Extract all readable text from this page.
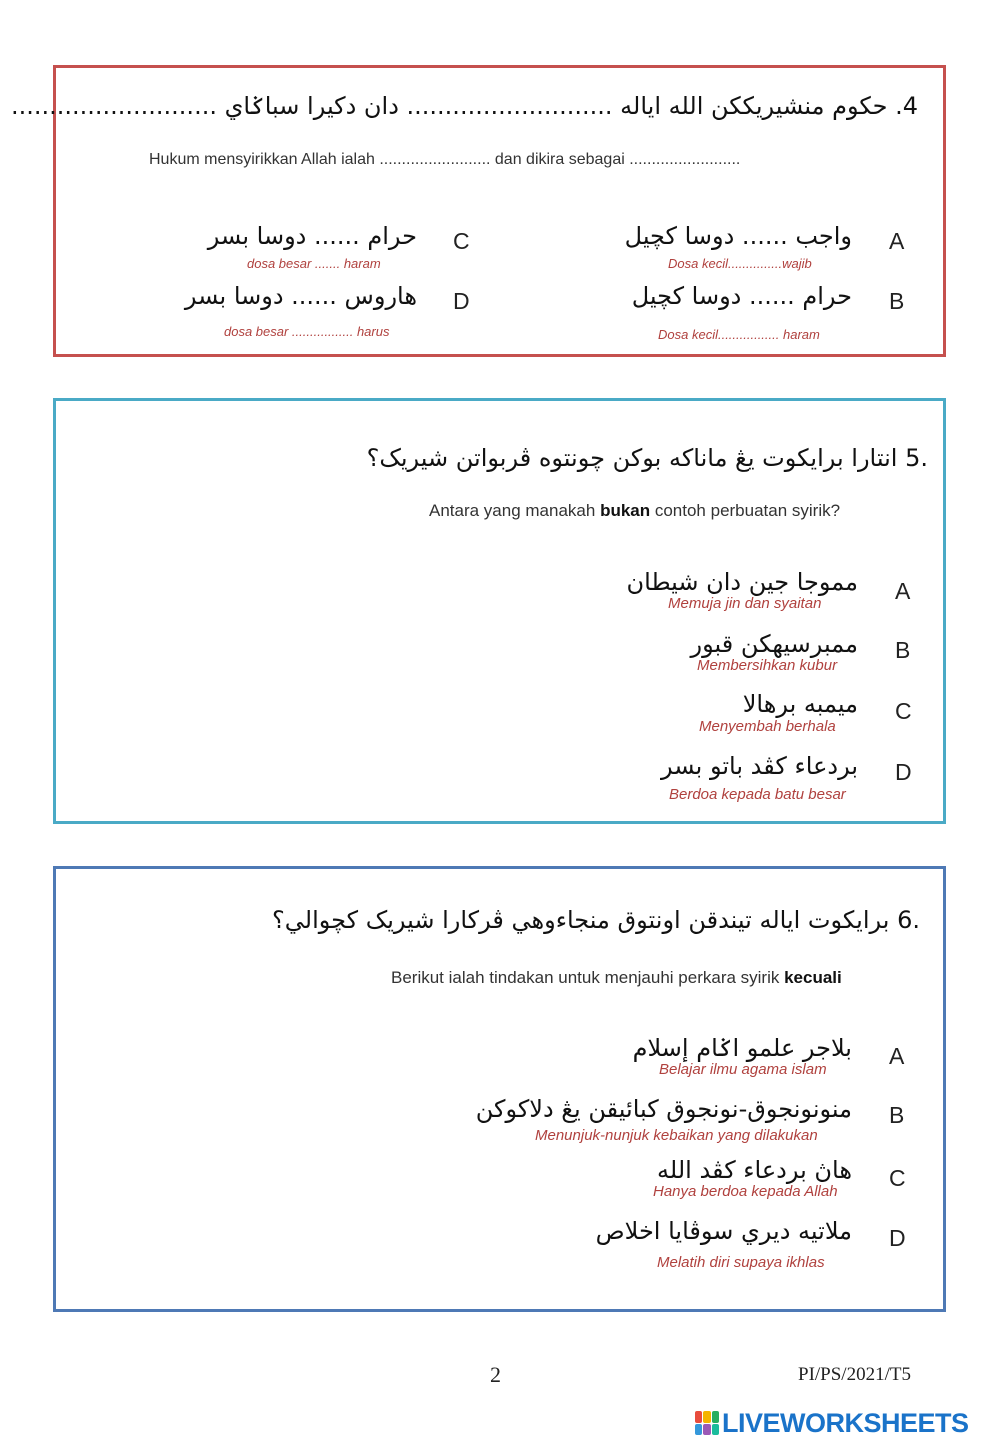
4. حکوم منشيريککن الله اياله ........................... دان دکيرا سباݢاي ...........................
Hukum mensyirikkan Allah ialah ......................... dan dikira sebagai .........................
A
واجب ...... دوسا کچيل
Dosa kecil...............wajib
B
حرام ...... دوسا کچيل
Dosa kecil................. haram
C
حرام ...... دوسا بسر
dosa besar ....... haram
D
هاروس ...... دوسا بسر
dosa besar ................. harus
.5 انتارا برايکوت يڠ ماناکه بوکن چونتوه ڤربواتن شيريک؟
Antara yang manakah bukan contoh perbuatan syirik?
A
مموجا جين دان شيطان
Memuja jin dan syaitan
B
ممبرسيهکن قبور
Membersihkan kubur
C
ميمبه برهالا
Menyembah berhala
D
بردعاء کڤد باتو بسر
Berdoa kepada batu besar
.6 برايکوت اياله تيندقن اونتوق منجاءوهي ڤرکارا شيريک کچوالي؟
Berikut ialah tindakan untuk menjauhi perkara syirik kecuali
A
بلاجر علمو اݢام إسلام
Belajar ilmu agama islam
B
منونونجوق-نونجوق کبائيقن يڠ دلاکوکن
Menunjuk-nunjuk kebaikan yang dilakukan
C
هاڽ بردعاء کڤد الله
Hanya berdoa kepada Allah
D
ملاتيه ديري سوڤايا اخلاص
Melatih diri supaya ikhlas
2	PI/PS/2021/T5
LIVEWORKSHEETS
